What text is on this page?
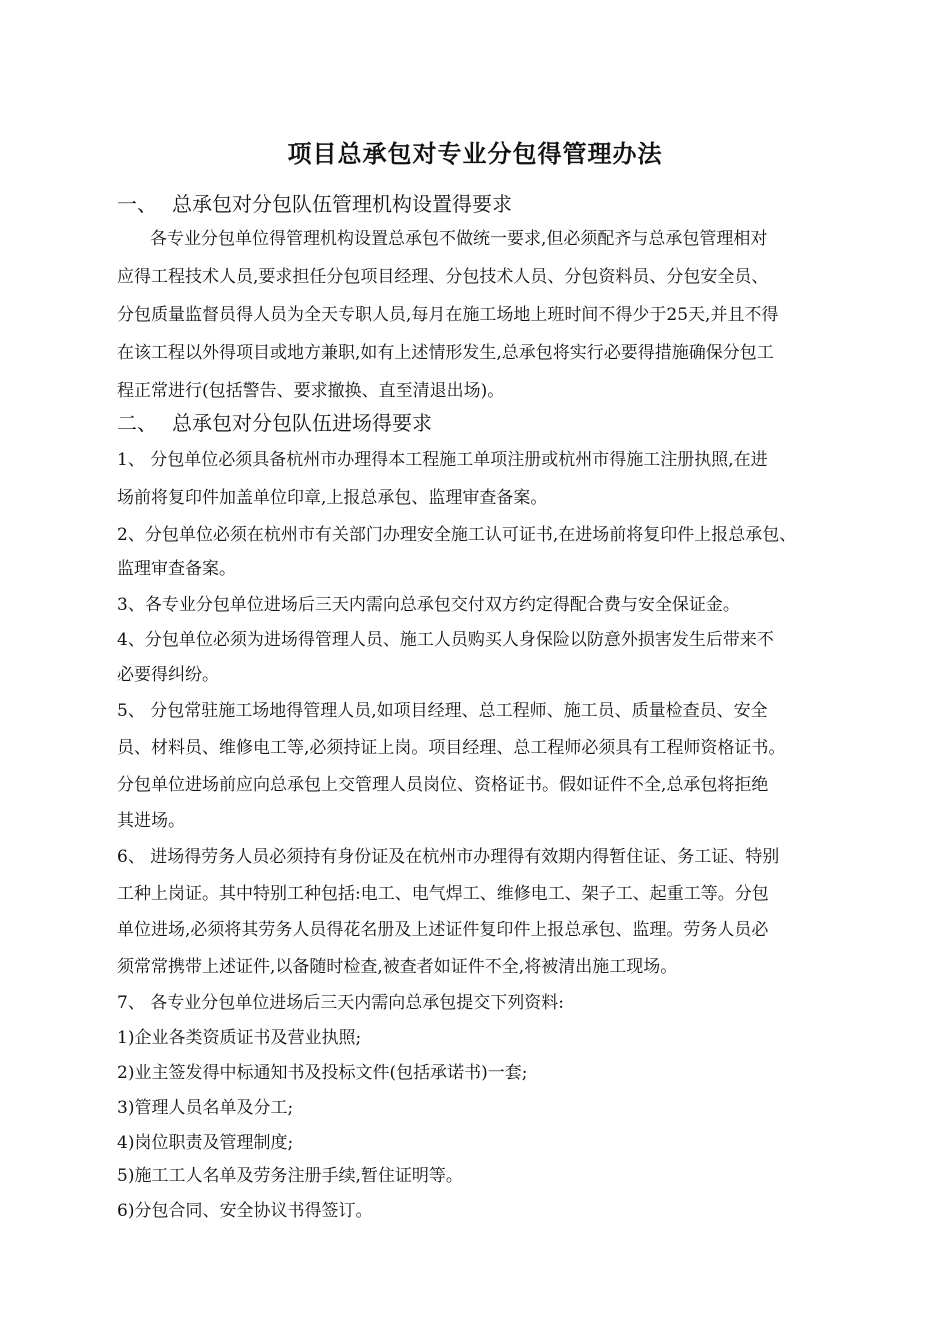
项目总承包对专业分包得管理办法
一、 总承包对分包队伍管理机构设置得要求
各专业分包单位得管理机构设置总承包不做统一要求,但必须配齐与总承包管理相对
应得工程技术人员,要求担任分包项目经理、分包技术人员、分包资料员、分包安全员、
分包质量监督员得人员为全天专职人员,每月在施工场地上班时间不得少于25天,并且不得
在该工程以外得项目或地方兼职,如有上述情形发生,总承包将实行必要得措施确保分包工
程正常进行(包括警告、要求撤换、直至清退出场)。
二、 总承包对分包队伍进场得要求
1、 分包单位必须具备杭州市办理得本工程施工单项注册或杭州市得施工注册执照,在进
场前将复印件加盖单位印章,上报总承包、监理审查备案。
2、分包单位必须在杭州市有关部门办理安全施工认可证书,在进场前将复印件上报总承包、
监理审查备案。
3、各专业分包单位进场后三天内需向总承包交付双方约定得配合费与安全保证金。
4、分包单位必须为进场得管理人员、施工人员购买人身保险以防意外损害发生后带来不
必要得纠纷。
5、 分包常驻施工场地得管理人员,如项目经理、总工程师、施工员、质量检查员、安全
员、材料员、维修电工等,必须持证上岗。项目经理、总工程师必须具有工程师资格证书。
分包单位进场前应向总承包上交管理人员岗位、资格证书。假如证件不全,总承包将拒绝
其进场。
6、 进场得劳务人员必须持有身份证及在杭州市办理得有效期内得暂住证、务工证、特别
工种上岗证。其中特别工种包括:电工、电气焊工、维修电工、架子工、起重工等。分包
单位进场,必须将其劳务人员得花名册及上述证件复印件上报总承包、监理。劳务人员必
须常常携带上述证件,以备随时检查,被查者如证件不全,将被清出施工现场。
7、 各专业分包单位进场后三天内需向总承包提交下列资料:
1)企业各类资质证书及营业执照;
2)业主签发得中标通知书及投标文件(包括承诺书)一套;
3)管理人员名单及分工;
4)岗位职责及管理制度;
5)施工工人名单及劳务注册手续,暂住证明等。
6)分包合同、安全协议书得签订。
